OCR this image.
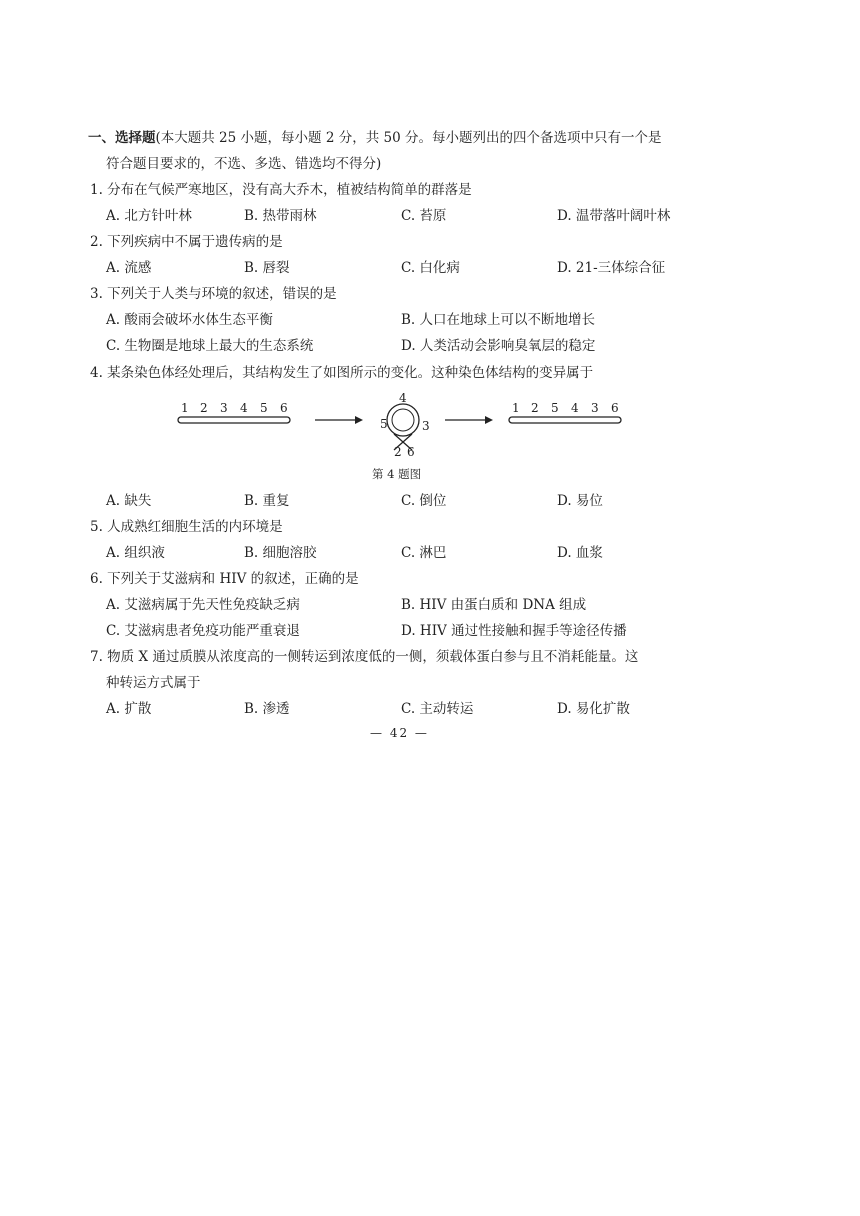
一、选择题(本大题共 25 小题，每小题 2 分，共 50 分。每小题列出的四个备选项中只有一个是
符合题目要求的，不选、多选、错选均不得分)
1. 分布在气候严寒地区，没有高大乔木，植被结构简单的群落是
A. 北方针叶林	B. 热带雨林	C. 苔原	D. 温带落叶阔叶林
2. 下列疾病中不属于遗传病的是
A. 流感	B. 唇裂	C. 白化病	D. 21-三体综合征
3. 下列关于人类与环境的叙述，错误的是
A. 酸雨会破坏水体生态平衡	B. 人口在地球上可以不断地增长
C. 生物圈是地球上最大的生态系统	D. 人类活动会影响臭氧层的稳定
4. 某条染色体经处理后，其结构发生了如图所示的变化。这种染色体结构的变异属于
1 2 3 4 5 6
4
5	3
2 6
1 2 5 4 3 6
第 4 题图
A. 缺失	B. 重复	C. 倒位	D. 易位
5. 人成熟红细胞生活的内环境是
A. 组织液	B. 细胞溶胶	C. 淋巴	D. 血浆
6. 下列关于艾滋病和 HIV 的叙述，正确的是
A. 艾滋病属于先天性免疫缺乏病	B. HIV 由蛋白质和 DNA 组成
C. 艾滋病患者免疫功能严重衰退	D. HIV 通过性接触和握手等途径传播
7. 物质 X 通过质膜从浓度高的一侧转运到浓度低的一侧，须载体蛋白参与且不消耗能量。这
种转运方式属于
A. 扩散	B. 渗透	C. 主动转运	D. 易化扩散
— 42 —
